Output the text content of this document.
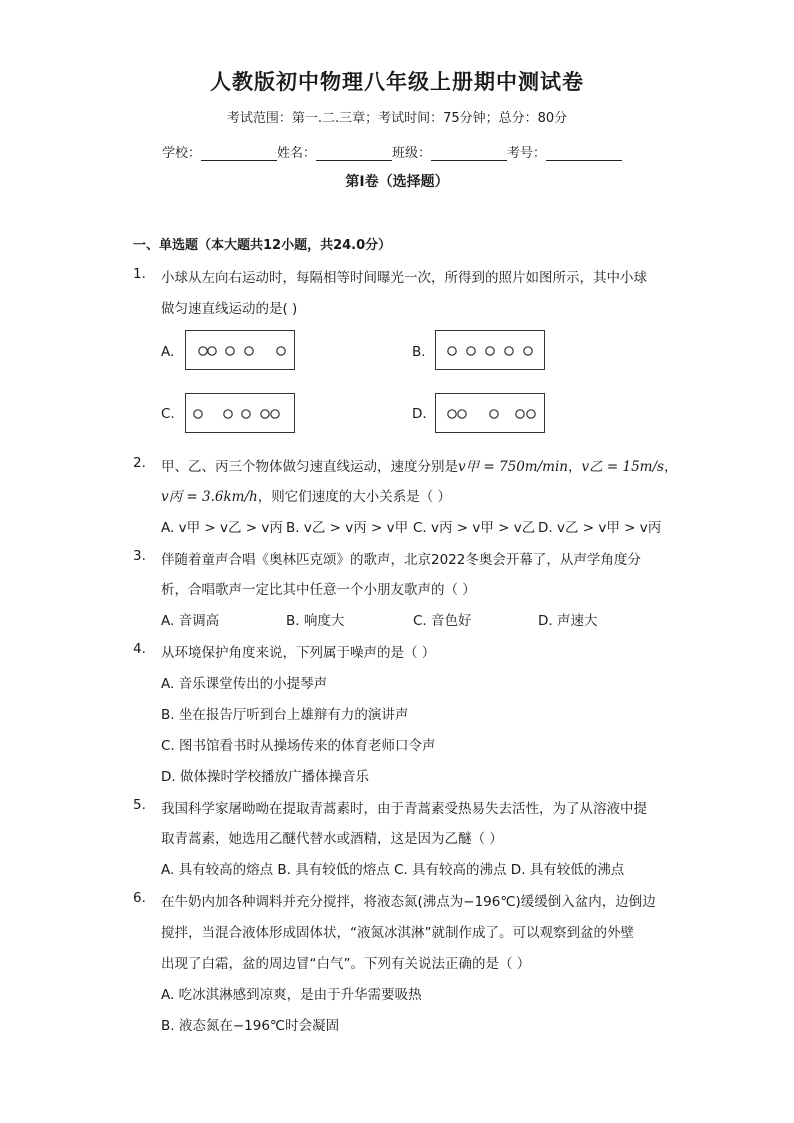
人教版初中物理八年级上册期中测试卷
考试范围：第一.二.三章；考试时间：75分钟；总分：80分
学校：	姓名：	班级：	考号：
第I卷（选择题）
一、单选题（本大题共12小题，共24.0分）
1. 小球从左向右运动时，每隔相等时间曝光一次，所得到的照片如图所示，其中小球
做匀速直线运动的是( )
A.	B.
C.	D.
2. 甲、乙、丙三个物体做匀速直线运动，速度分别是v甲 = 750m/min，v乙 = 15m/s，
v丙 = 3.6km/h，则它们速度的大小关系是（ ）
A. v甲 > v乙 > v丙 B. v乙 > v丙 > v甲 C. v丙 > v甲 > v乙 D. v乙 > v甲 > v丙
3. 伴随着童声合唱《奥林匹克颂》的歌声，北京2022冬奥会开幕了，从声学角度分
析，合唱歌声一定比其中任意一个小朋友歌声的（ ）
A. 音调高	B. 响度大	C. 音色好	D. 声速大
4. 从环境保护角度来说，下列属于噪声的是（ ）
A. 音乐课堂传出的小提琴声
B. 坐在报告厅听到台上雄辩有力的演讲声
C. 图书馆看书时从操场传来的体育老师口令声
D. 做体操时学校播放广播体操音乐
5. 我国科学家屠呦呦在提取青蒿素时，由于青蒿素受热易失去活性，为了从溶液中提
取青蒿素，她选用乙醚代替水或酒精，这是因为乙醚（ ）
A. 具有较高的熔点 B. 具有较低的熔点 C. 具有较高的沸点 D. 具有较低的沸点
6. 在牛奶内加各种调料并充分搅拌，将液态氮(沸点为−196℃)缓缓倒入盆内，边倒边
搅拌，当混合液体形成固体状，“液氮冰淇淋”就制作成了。可以观察到盆的外壁
出现了白霜，盆的周边冒“白气”。下列有关说法正确的是（ ）
A. 吃冰淇淋感到凉爽，是由于升华需要吸热
B. 液态氮在−196℃时会凝固
